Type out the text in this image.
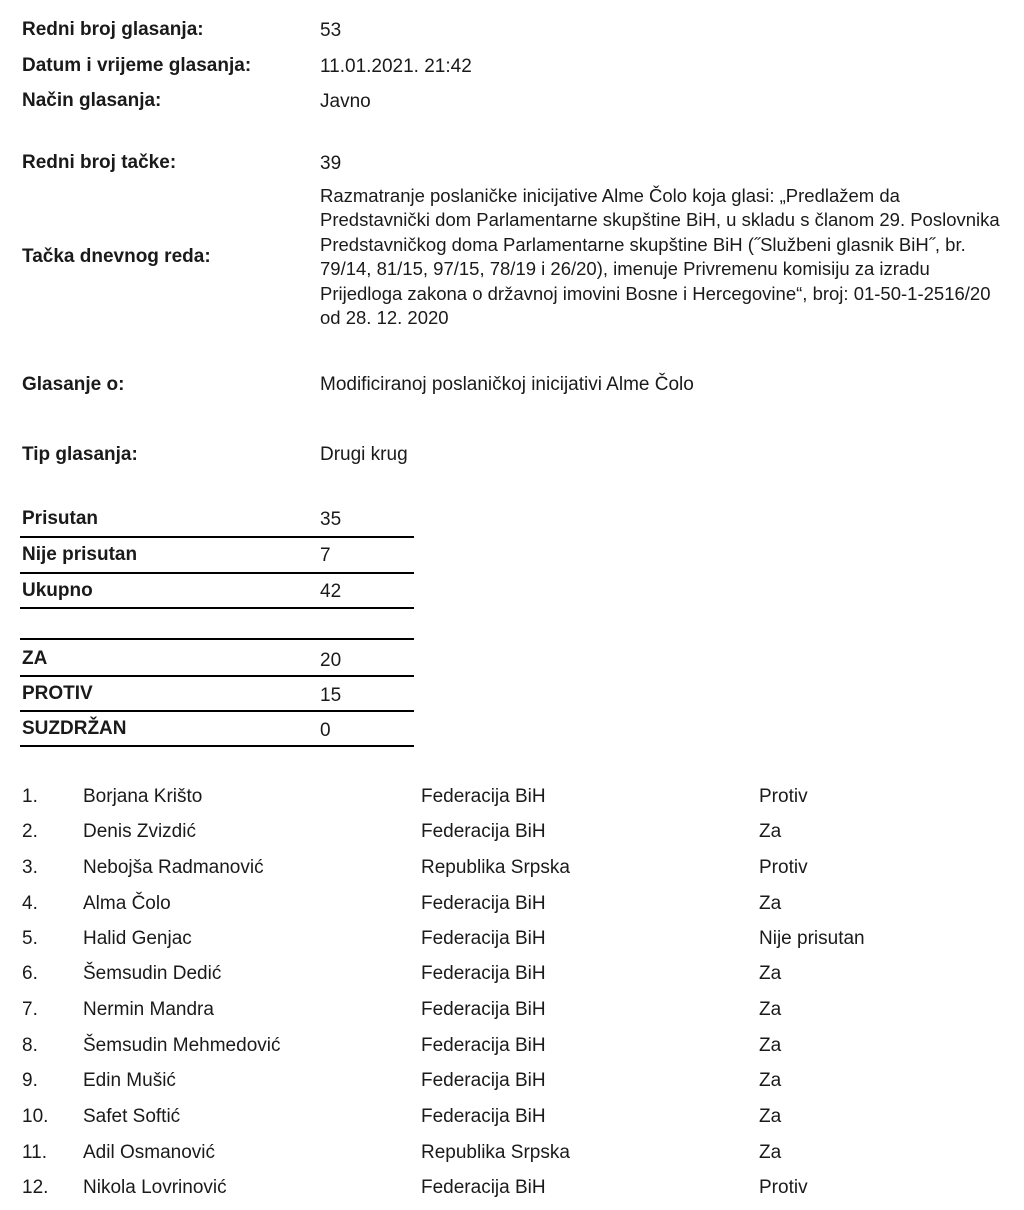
Redni broj glasanja:	53
Datum i vrijeme glasanja:	11.01.2021. 21:42
Način glasanja:	Javno
Redni broj tačke:	39
Tačka dnevnog reda:
Razmatranje poslaničke inicijative Alme Čolo koja glasi: „Predlažem da Predstavnički dom Parlamentarne skupštine BiH, u skladu s članom 29. Poslovnika Predstavničkog doma Parlamentarne skupštine BiH (˝Službeni glasnik BiH˝, br. 79/14, 81/15, 97/15, 78/19 i 26/20), imenuje Privremenu komisiju za izradu Prijedloga zakona o državnoj imovini Bosne i Hercegovine“, broj: 01-50-1-2516/20 od 28. 12. 2020
Glasanje o:	Modificiranoj poslaničkoj inicijativi Alme Čolo
Tip glasanja:	Drugi krug
Prisutan	35
Nije prisutan	7
Ukupno	42
ZA	20
PROTIV	15
SUZDRŽAN	0
1. Borjana Krišto	Federacija BiH	Protiv
2. Denis Zvizdić	Federacija BiH	Za
3. Nebojša Radmanović	Republika Srpska	Protiv
4. Alma Čolo	Federacija BiH	Za
5. Halid Genjac	Federacija BiH	Nije prisutan
6. Šemsudin Dedić	Federacija BiH	Za
7. Nermin Mandra	Federacija BiH	Za
8. Šemsudin Mehmedović	Federacija BiH	Za
9. Edin Mušić	Federacija BiH	Za
10. Safet Softić	Federacija BiH	Za
11. Adil Osmanović	Republika Srpska	Za
12. Nikola Lovrinović	Federacija BiH	Protiv
